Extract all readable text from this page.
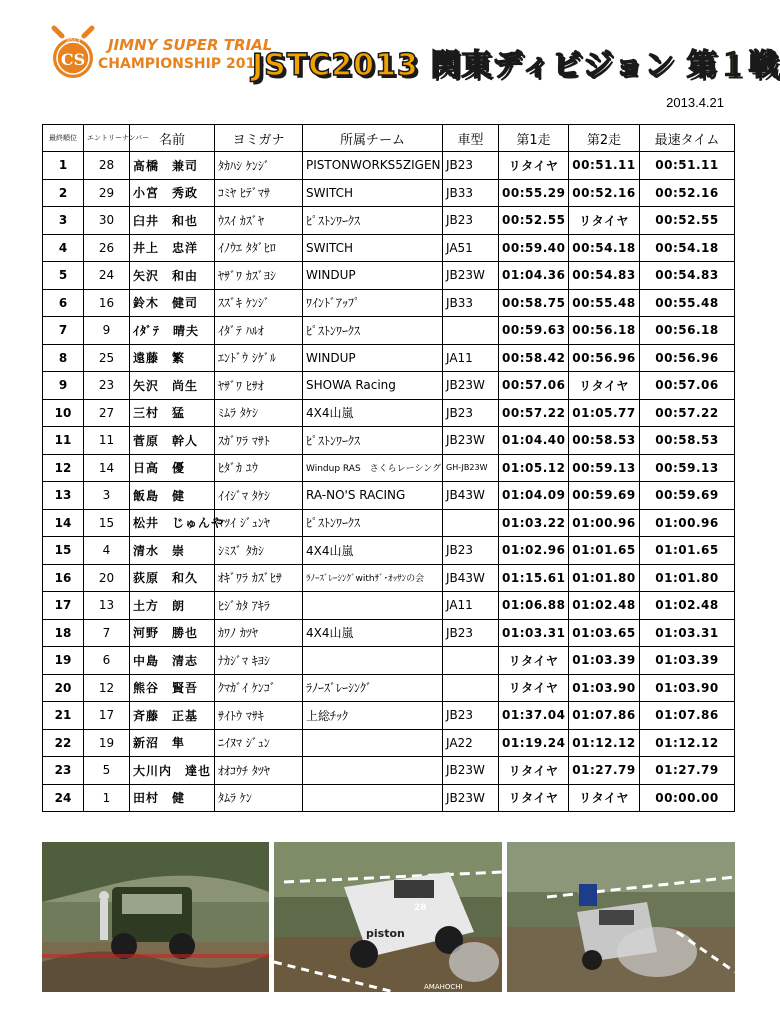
2013
CS
JIMNY SUPER TRIAL
CHAMPIONSHIP 2013
JSTC2013 関東ディビジョン 第１戦
2013.4.21
最終順位	エントリーナンバー	名前	ヨミガナ	所属チーム	車型	第1走	第2走	最速タイム
1	28	髙橋　兼司	ﾀｶﾊｼ ｹﾝｼﾞ	PISTONWORKS5ZIGEN	JB23	リタイヤ	00:51.11	00:51.11
2	29	小宮　秀政	ｺﾐﾔ ﾋﾃﾞﾏｻ	SWITCH	JB33	00:55.29	00:52.16	00:52.16
3	30	臼井　和也	ｳｽｲ ｶｽﾞﾔ	ﾋﾟｽﾄﾝﾜｰｸｽ	JB23	00:52.55	リタイヤ	00:52.55
4	26	井上　忠洋	ｲﾉｳｴ ﾀﾀﾞﾋﾛ	SWITCH	JA51	00:59.40	00:54.18	00:54.18
5	24	矢沢　和由	ﾔｻﾞﾜ ｶｽﾞﾖｼ	WINDUP	JB23W	01:04.36	00:54.83	00:54.83
6	16	鈴木　健司	ｽｽﾞｷ ｹﾝｼﾞ	ﾜｲﾝﾄﾞｱｯﾌﾟ	JB33	00:58.75	00:55.48	00:55.48
7	9	ｲﾀﾞﾃ　晴夫	ｲﾀﾞﾃ ﾊﾙｵ	ﾋﾟｽﾄﾝﾜｰｸｽ		00:59.63	00:56.18	00:56.18
8	25	遠藤　繁	ｴﾝﾄﾞｳ ｼｹﾞﾙ	WINDUP	JA11	00:58.42	00:56.96	00:56.96
9	23	矢沢　尚生	ﾔｻﾞﾜ ﾋｻｵ	SHOWA Racing	JB23W	00:57.06	リタイヤ	00:57.06
10	27	三村　猛	ﾐﾑﾗ ﾀｹｼ	4X4山嵐	JB23	00:57.22	01:05.77	00:57.22
11	11	菅原　幹人	ｽｶﾞﾜﾗ ﾏｻﾄ	ﾋﾟｽﾄﾝﾜｰｸｽ	JB23W	01:04.40	00:58.53	00:58.53
12	14	日高　優	ﾋﾀﾞｶ ﾕｳ	Windup RAS　さくらレーシング	GH-JB23W	01:05.12	00:59.13	00:59.13
13	3	飯島　健	ｲｲｼﾞﾏ ﾀｹｼ	RA-NO'S RACING	JB43W	01:04.09	00:59.69	00:59.69
14	15	松井　じゅんや	ﾏﾂｲ ｼﾞｭﾝﾔ	ﾋﾟｽﾄﾝﾜｰｸｽ		01:03.22	01:00.96	01:00.96
15	4	清水　崇	ｼﾐｽﾞ ﾀｶｼ	4X4山嵐	JB23	01:02.96	01:01.65	01:01.65
16	20	荻原　和久	ｵｷﾞﾜﾗ ｶｽﾞﾋｻ	ﾗﾉｰｽﾞﾚｰｼﾝｸﾞwithｻﾞ･ｵｯｻﾝの会	JB43W	01:15.61	01:01.80	01:01.80
17	13	土方　朗	ﾋｼﾞｶﾀ ｱｷﾗ		JA11	01:06.88	01:02.48	01:02.48
18	7	河野　勝也	ｶﾜﾉ ｶﾂﾔ	4X4山嵐	JB23	01:03.31	01:03.65	01:03.31
19	6	中島　清志	ﾅｶｼﾞﾏ ｷﾖｼ			リタイヤ	01:03.39	01:03.39
20	12	熊谷　賢吾	ｸﾏｶﾞｲ ｹﾝｺﾞ	ﾗﾉｰｽﾞﾚｰｼﾝｸﾞ		リタイヤ	01:03.90	01:03.90
21	17	斉藤　正基	ｻｲﾄｳ ﾏｻｷ	上総ﾁｯｸ	JB23	01:37.04	01:07.86	01:07.86
22	19	新沼　隼	ﾆｲﾇﾏ ｼﾞｭﾝ		JA22	01:19.24	01:12.12	01:12.12
23	5	大川内　達也	ｵｵｺｳﾁ ﾀﾂﾔ		JB23W	リタイヤ	01:27.79	01:27.79
24	1	田村　健	ﾀﾑﾗ ｹﾝ		JB23W	リタイヤ	リタイヤ	00:00.00
28
piston
AMAHOCHI
